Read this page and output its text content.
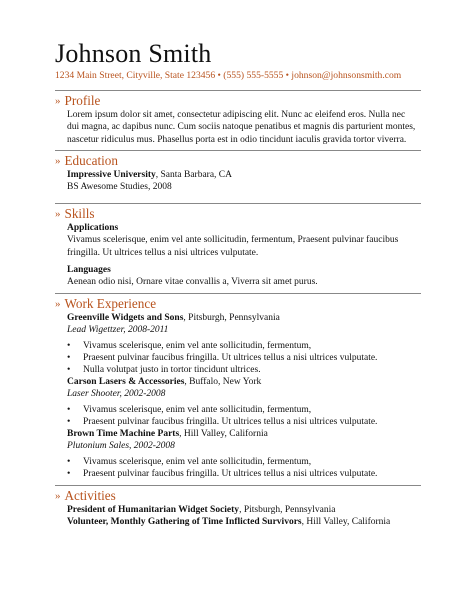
Johnson Smith
1234 Main Street, Cityville, State 123456 • (555) 555-5555 • johnson@johnsonsmith.com
» Profile
Lorem ipsum dolor sit amet, consectetur adipiscing elit. Nunc ac eleifend eros. Nulla nec dui magna, ac dapibus nunc. Cum sociis natoque penatibus et magnis dis parturient montes, nascetur ridiculus mus. Phasellus porta est in odio tincidunt iaculis gravida tortor viverra.
» Education
Impressive University, Santa Barbara, CA
BS Awesome Studies, 2008
» Skills
Applications
Vivamus scelerisque, enim vel ante sollicitudin, fermentum, Praesent pulvinar faucibus fringilla. Ut ultrices tellus a nisi ultrices vulputate.
Languages
Aenean odio nisi, Ornare vitae convallis a, Viverra sit amet purus.
» Work Experience
Greenville Widgets and Sons, Pitsburgh, Pennsylvania
Lead Wigettzer, 2008-2011
• Vivamus scelerisque, enim vel ante sollicitudin, fermentum,
• Praesent pulvinar faucibus fringilla. Ut ultrices tellus a nisi ultrices vulputate.
• Nulla volutpat justo in tortor tincidunt ultrices.
Carson Lasers & Accessories, Buffalo, New York
Laser Shooter, 2002-2008
• Vivamus scelerisque, enim vel ante sollicitudin, fermentum,
• Praesent pulvinar faucibus fringilla. Ut ultrices tellus a nisi ultrices vulputate.
Brown Time Machine Parts, Hill Valley, California
Plutonium Sales, 2002-2008
• Vivamus scelerisque, enim vel ante sollicitudin, fermentum,
• Praesent pulvinar faucibus fringilla. Ut ultrices tellus a nisi ultrices vulputate.
» Activities
President of Humanitarian Widget Society, Pitsburgh, Pennsylvania
Volunteer, Monthly Gathering of Time Inflicted Survivors, Hill Valley, California
